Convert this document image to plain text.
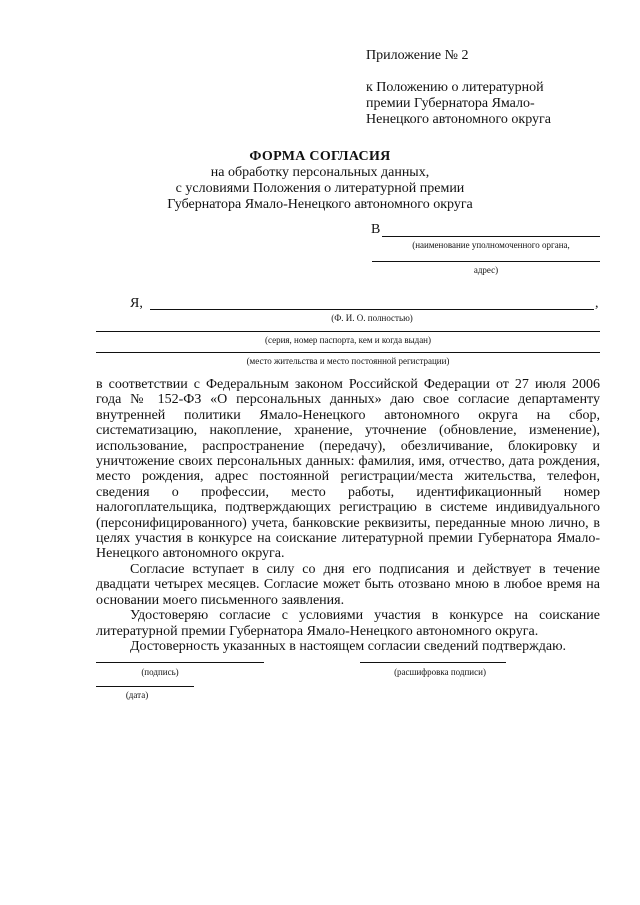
Приложение № 2
к Положению о литературной
премии Губернатора Ямало-
Ненецкого автономного округа
ФОРМА СОГЛАСИЯ
на обработку персональных данных,
с условиями Положения о литературной премии
Губернатора Ямало-Ненецкого автономного округа
В
(наименование уполномоченного органа,
адрес)
Я,	,
(Ф. И. О. полностью)
(серия, номер паспорта, кем и когда выдан)
(место жительства и место постоянной регистрации)

в соответствии с Федеральным законом Российской Федерации от 27 июля 2006 года № 152-ФЗ «О персональных данных» даю свое согласие департаменту внутренней политики Ямало-Ненецкого автономного округа на сбор, систематизацию, накопление, хранение, уточнение (обновление, изменение), использование, распространение (передачу), обезличивание, блокировку и уничтожение своих персональных данных: фамилия, имя, отчество, дата рождения, место рождения, адрес постоянной регистрации/места жительства, телефон, сведения о профессии, место работы, идентификационный номер налогоплательщика, подтверждающих регистрацию в системе индивидуального (персонифицированного) учета, банковские реквизиты, переданные мною лично, в целях участия в конкурсе на соискание литературной премии Губернатора Ямало-Ненецкого автономного округа.

Согласие вступает в силу со дня его подписания и действует в течение двадцати четырех месяцев. Согласие может быть отозвано мною в любое время на основании моего письменного заявления.

Удостоверяю согласие с условиями участия в конкурсе на соискание литературной премии Губернатора Ямало-Ненецкого автономного округа.

Достоверность указанных в настоящем согласии сведений подтверждаю.

(подпись)	(расшифровка подписи)
(дата)
